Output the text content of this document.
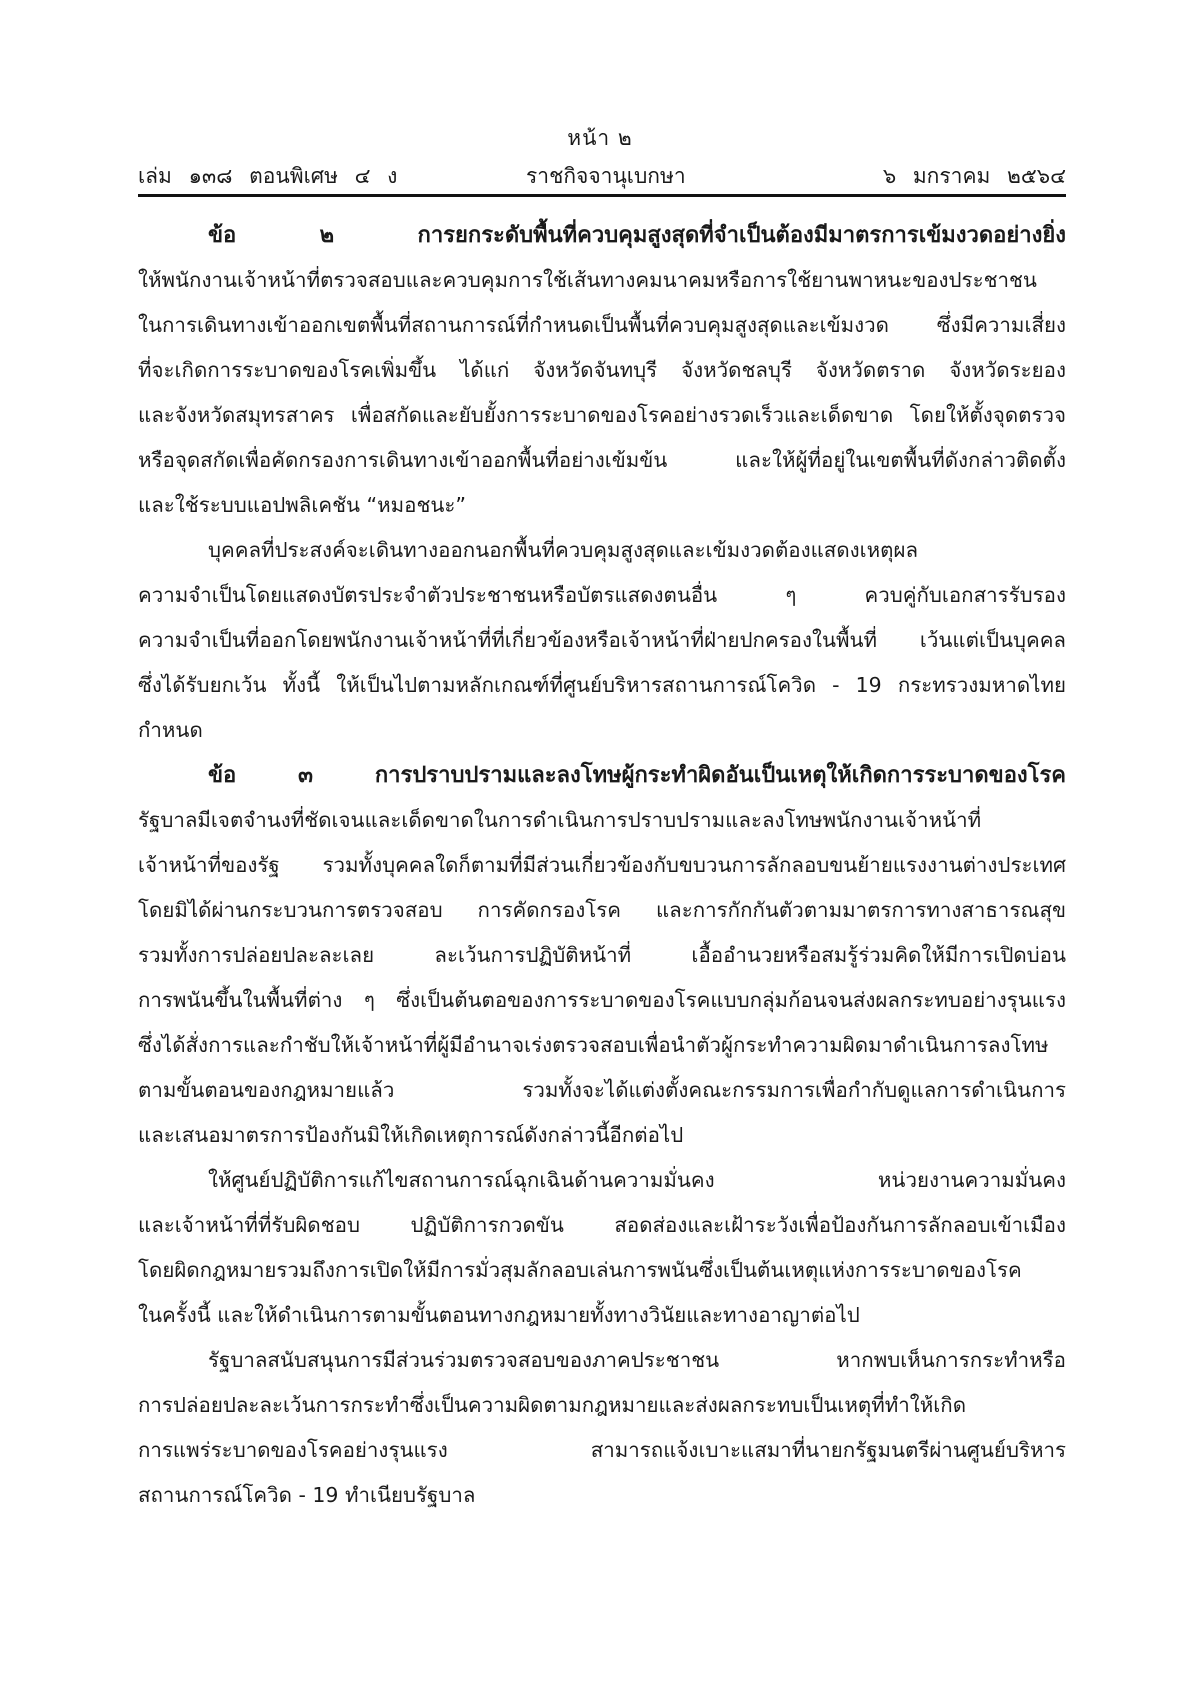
หน้า ๒
เล่ม ๑๓๘ ตอนพิเศษ ๔ ง	ราชกิจจานุเบกษา	๖ มกราคม ๒๕๖๔
ข้อ ๒ การยกระดับพื้นที่ควบคุมสูงสุดที่จำเป็นต้องมีมาตรการเข้มงวดอย่างยิ่ง
ให้พนักงานเจ้าหน้าที่ตรวจสอบและควบคุมการใช้เส้นทางคมนาคมหรือการใช้ยานพาหนะของประชาชน
ในการเดินทางเข้าออกเขตพื้นที่สถานการณ์ที่กำหนดเป็นพื้นที่ควบคุมสูงสุดและเข้มงวด ซึ่งมีความเสี่ยง
ที่จะเกิดการระบาดของโรคเพิ่มขึ้น ได้แก่ จังหวัดจันทบุรี จังหวัดชลบุรี จังหวัดตราด จังหวัดระยอง
และจังหวัดสมุทรสาคร เพื่อสกัดและยับยั้งการระบาดของโรคอย่างรวดเร็วและเด็ดขาด โดยให้ตั้งจุดตรวจ
หรือจุดสกัดเพื่อคัดกรองการเดินทางเข้าออกพื้นที่อย่างเข้มข้น และให้ผู้ที่อยู่ในเขตพื้นที่ดังกล่าวติดตั้ง
และใช้ระบบแอปพลิเคชัน “หมอชนะ”
บุคคลที่ประสงค์จะเดินทางออกนอกพื้นที่ควบคุมสูงสุดและเข้มงวดต้องแสดงเหตุผล
ความจำเป็นโดยแสดงบัตรประจำตัวประชาชนหรือบัตรแสดงตนอื่น ๆ ควบคู่กับเอกสารรับรอง
ความจำเป็นที่ออกโดยพนักงานเจ้าหน้าที่ที่เกี่ยวข้องหรือเจ้าหน้าที่ฝ่ายปกครองในพื้นที่ เว้นแต่เป็นบุคคล
ซึ่งได้รับยกเว้น ทั้งนี้ ให้เป็นไปตามหลักเกณฑ์ที่ศูนย์บริหารสถานการณ์โควิด - 19 กระทรวงมหาดไทย
กำหนด
ข้อ ๓ การปราบปรามและลงโทษผู้กระทำผิดอันเป็นเหตุให้เกิดการระบาดของโรค
รัฐบาลมีเจตจำนงที่ชัดเจนและเด็ดขาดในการดำเนินการปราบปรามและลงโทษพนักงานเจ้าหน้าที่
เจ้าหน้าที่ของรัฐ รวมทั้งบุคคลใดก็ตามที่มีส่วนเกี่ยวข้องกับขบวนการลักลอบขนย้ายแรงงานต่างประเทศ
โดยมิได้ผ่านกระบวนการตรวจสอบ การคัดกรองโรค และการกักกันตัวตามมาตรการทางสาธารณสุข
รวมทั้งการปล่อยปละละเลย ละเว้นการปฏิบัติหน้าที่ เอื้ออำนวยหรือสมรู้ร่วมคิดให้มีการเปิดบ่อน
การพนันขึ้นในพื้นที่ต่าง ๆ ซึ่งเป็นต้นตอของการระบาดของโรคแบบกลุ่มก้อนจนส่งผลกระทบอย่างรุนแรง
ซึ่งได้สั่งการและกำชับให้เจ้าหน้าที่ผู้มีอำนาจเร่งตรวจสอบเพื่อนำตัวผู้กระทำความผิดมาดำเนินการลงโทษ
ตามขั้นตอนของกฎหมายแล้ว รวมทั้งจะได้แต่งตั้งคณะกรรมการเพื่อกำกับดูแลการดำเนินการ
และเสนอมาตรการป้องกันมิให้เกิดเหตุการณ์ดังกล่าวนี้อีกต่อไป
ให้ศูนย์ปฏิบัติการแก้ไขสถานการณ์ฉุกเฉินด้านความมั่นคง หน่วยงานความมั่นคง
และเจ้าหน้าที่ที่รับผิดชอบ ปฏิบัติการกวดขัน สอดส่องและเฝ้าระวังเพื่อป้องกันการลักลอบเข้าเมือง
โดยผิดกฎหมายรวมถึงการเปิดให้มีการมั่วสุมลักลอบเล่นการพนันซึ่งเป็นต้นเหตุแห่งการระบาดของโรค
ในครั้งนี้ และให้ดำเนินการตามขั้นตอนทางกฎหมายทั้งทางวินัยและทางอาญาต่อไป
รัฐบาลสนับสนุนการมีส่วนร่วมตรวจสอบของภาคประชาชน หากพบเห็นการกระทำหรือ
การปล่อยปละละเว้นการกระทำซึ่งเป็นความผิดตามกฎหมายและส่งผลกระทบเป็นเหตุที่ทำให้เกิด
การแพร่ระบาดของโรคอย่างรุนแรง สามารถแจ้งเบาะแสมาที่นายกรัฐมนตรีผ่านศูนย์บริหาร
สถานการณ์โควิด - 19 ทำเนียบรัฐบาล
